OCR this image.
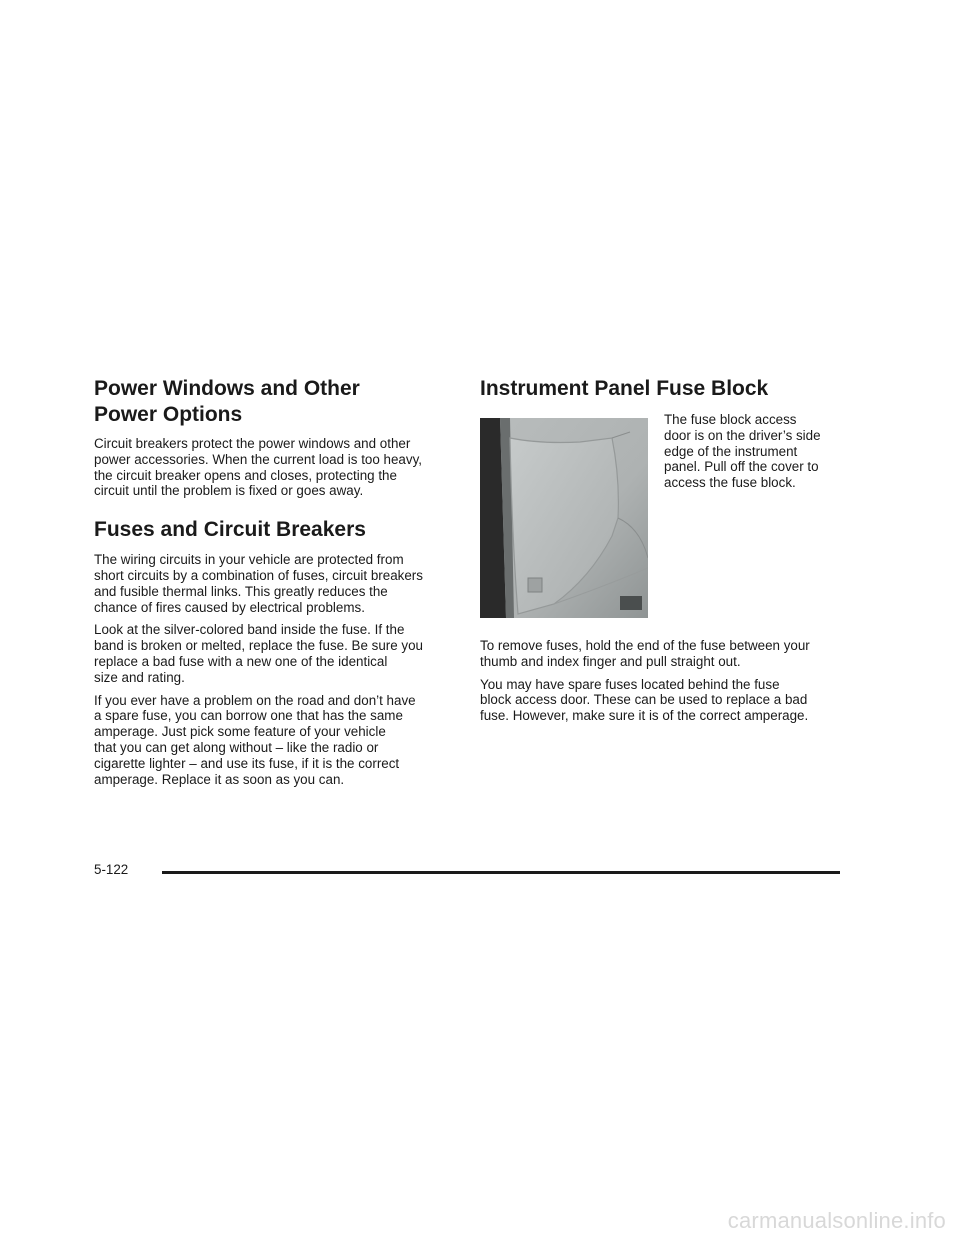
Power Windows and Other
Power Options

Circuit breakers protect the power windows and other
power accessories. When the current load is too heavy,
the circuit breaker opens and closes, protecting the
circuit until the problem is fixed or goes away.

Fuses and Circuit Breakers

The wiring circuits in your vehicle are protected from
short circuits by a combination of fuses, circuit breakers
and fusible thermal links. This greatly reduces the
chance of fires caused by electrical problems.

Look at the silver-colored band inside the fuse. If the
band is broken or melted, replace the fuse. Be sure you
replace a bad fuse with a new one of the identical
size and rating.

If you ever have a problem on the road and don’t have
a spare fuse, you can borrow one that has the same
amperage. Just pick some feature of your vehicle
that you can get along without – like the radio or
cigarette lighter – and use its fuse, if it is the correct
amperage. Replace it as soon as you can.

Instrument Panel Fuse Block

The fuse block access
door is on the driver’s side
edge of the instrument
panel. Pull off the cover to
access the fuse block.

To remove fuses, hold the end of the fuse between your
thumb and index finger and pull straight out.

You may have spare fuses located behind the fuse
block access door. These can be used to replace a bad
fuse. However, make sure it is of the correct amperage.

5-122
carmanualsonline.info
